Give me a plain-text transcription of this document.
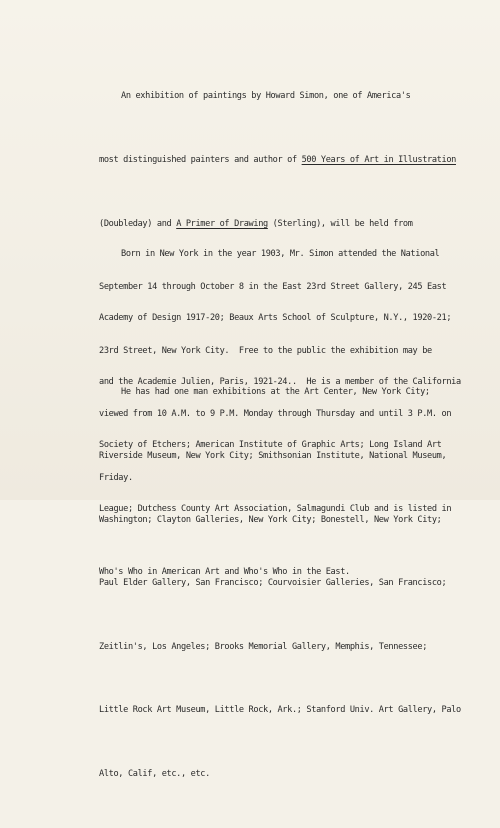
An exhibition of paintings by Howard Simon, one of America's

most distinguished painters and author of 500 Years of Art in Illustration

(Doubleday) and A Primer of Drawing (Sterling), will be held from

September 14 through October 8 in the East 23rd Street Gallery, 245 East

23rd Street, New York City.  Free to the public the exhibition may be

viewed from 10 A.M. to 9 P.M. Monday through Thursday and until 3 P.M. on

Friday.

Born in New York in the year 1903, Mr. Simon attended the National

Academy of Design 1917-20; Beaux Arts School of Sculpture, N.Y., 1920-21;

and the Academie Julien, Paris, 1921-24..  He is a member of the California

Society of Etchers; American Institute of Graphic Arts; Long Island Art

League; Dutchess County Art Association, Salmagundi Club and is listed in

Who's Who in American Art and Who's Who in the East.

He has had one man exhibitions at the Art Center, New York City;

Riverside Museum, New York City; Smithsonian Institute, National Museum,

Washington; Clayton Galleries, New York City; Bonestell, New York City;

Paul Elder Gallery, San Francisco; Courvoisier Galleries, San Francisco;

Zeitlin's, Los Angeles; Brooks Memorial Gallery, Memphis, Tennessee;

Little Rock Art Museum, Little Rock, Ark.; Stanford Univ. Art Gallery, Palo

Alto, Calif, etc., etc.
